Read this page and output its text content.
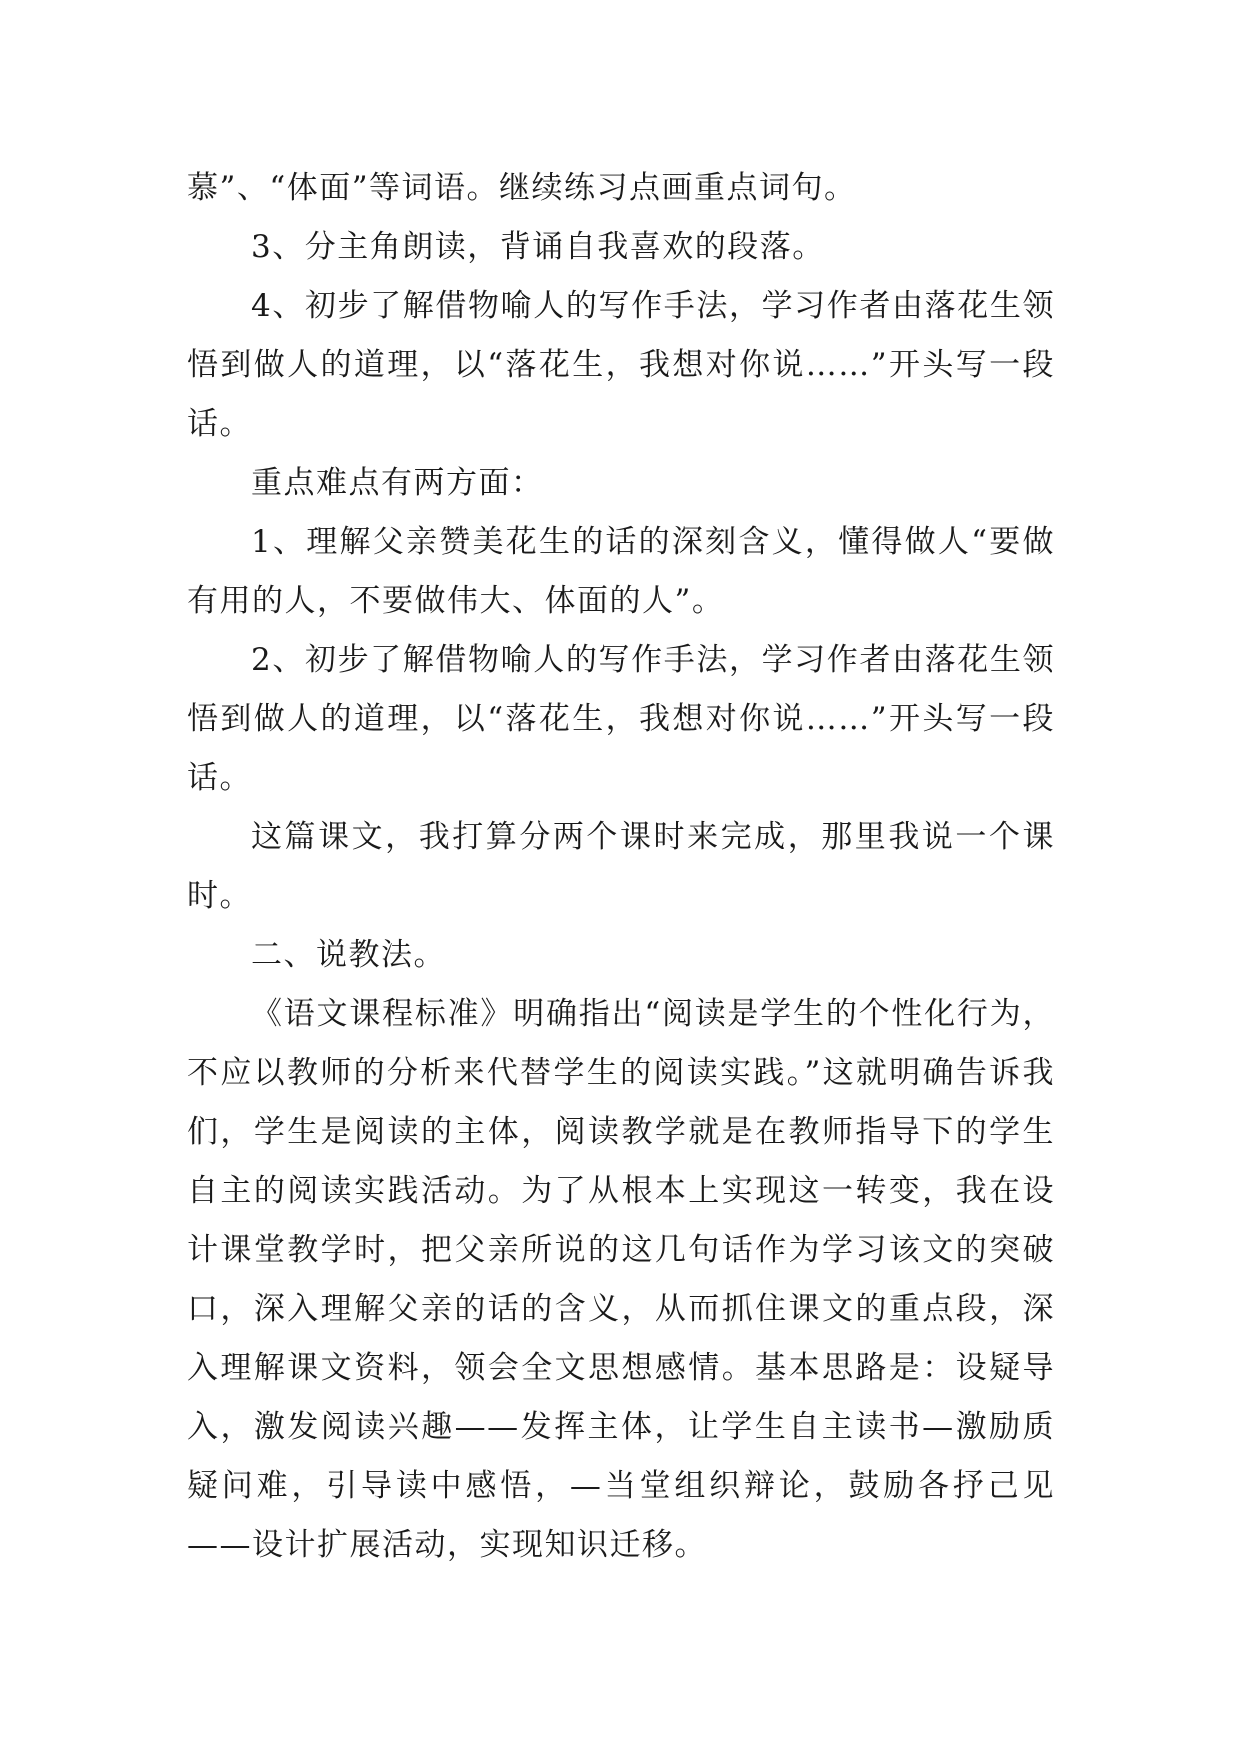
慕”、“体面”等词语。继续练习点画重点词句。

3、分主角朗读，背诵自我喜欢的段落。

4、初步了解借物喻人的写作手法，学习作者由落花生领悟到做人的道理，以“落花生，我想对你说……”开头写一段话。

重点难点有两方面：

1、理解父亲赞美花生的话的深刻含义，懂得做人“要做有用的人，不要做伟大、体面的人”。

2、初步了解借物喻人的写作手法，学习作者由落花生领悟到做人的道理，以“落花生，我想对你说……”开头写一段话。

这篇课文，我打算分两个课时来完成，那里我说一个课时。

二、说教法。

《语文课程标准》明确指出“阅读是学生的个性化行为，不应以教师的分析来代替学生的阅读实践。”这就明确告诉我们，学生是阅读的主体，阅读教学就是在教师指导下的学生自主的阅读实践活动。为了从根本上实现这一转变，我在设计课堂教学时，把父亲所说的这几句话作为学习该文的突破口，深入理解父亲的话的含义，从而抓住课文的重点段，深入理解课文资料，领会全文思想感情。基本思路是：设疑导入，激发阅读兴趣——发挥主体，让学生自主读书—激励质疑问难，引导读中感悟，—当堂组织辩论，鼓励各抒己见——设计扩展活动，实现知识迁移。
